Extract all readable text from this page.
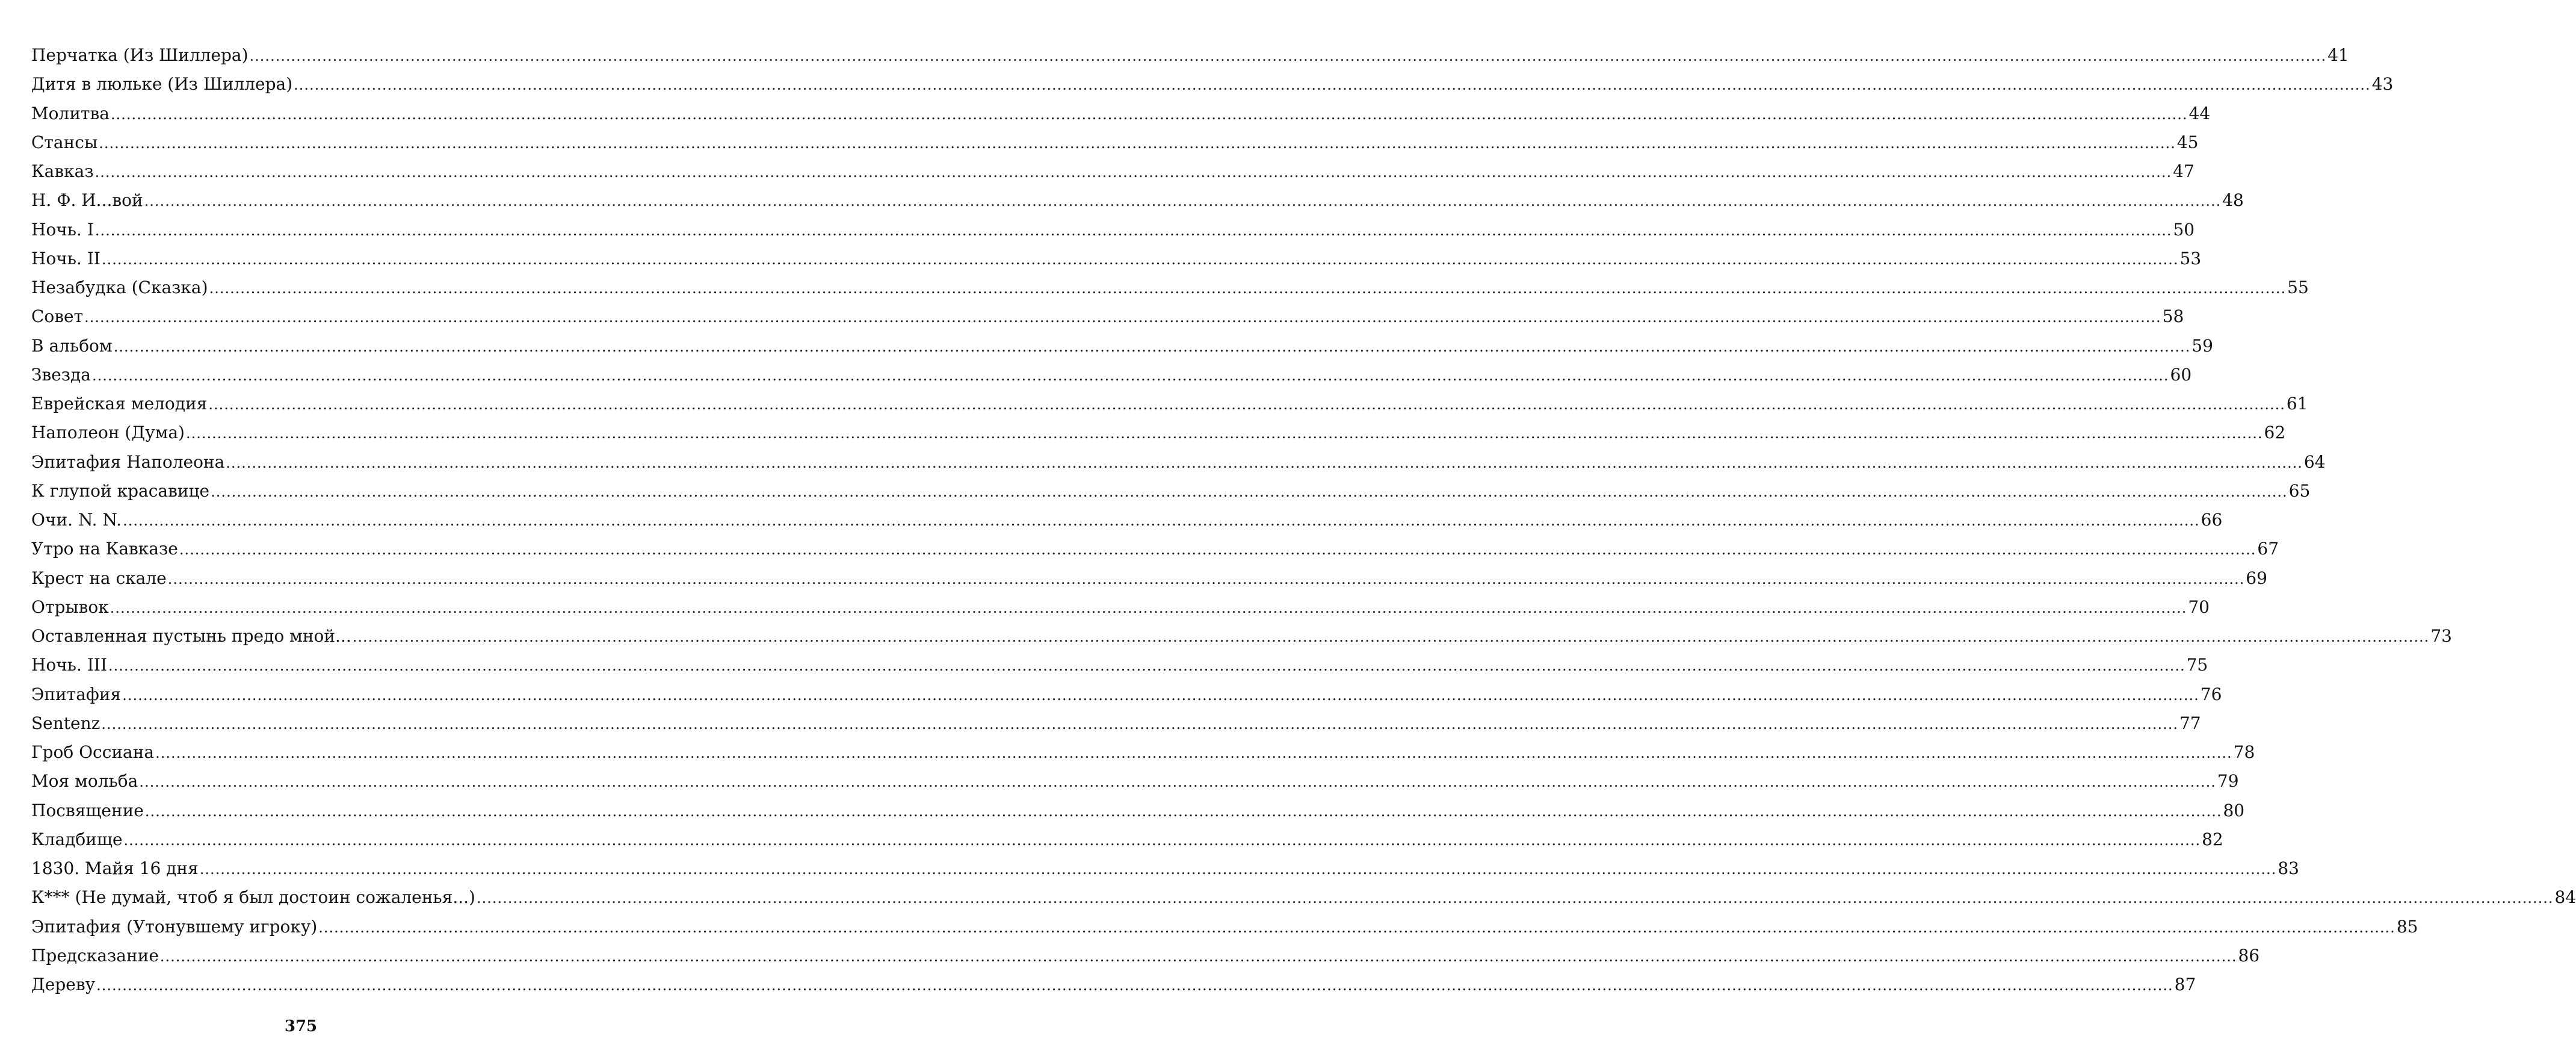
Перчатка (Из Шиллера) ................................................................................................................................................................................................................................................................................................................................................................................................................ 41
Дитя в люльке (Из Шиллера) ................................................................................................................................................................................................................................................................................................................................................................................................................ 43
Молитва ................................................................................................................................................................................................................................................................................................................................................................................................................ 44
Стансы ................................................................................................................................................................................................................................................................................................................................................................................................................ 45
Кавказ ................................................................................................................................................................................................................................................................................................................................................................................................................ 47
Н. Ф. И...вой ................................................................................................................................................................................................................................................................................................................................................................................................................ 48
Ночь. I ................................................................................................................................................................................................................................................................................................................................................................................................................ 50
Ночь. II ................................................................................................................................................................................................................................................................................................................................................................................................................ 53
Незабудка (Сказка) ................................................................................................................................................................................................................................................................................................................................................................................................................ 55
Совет ................................................................................................................................................................................................................................................................................................................................................................................................................ 58
В альбом ................................................................................................................................................................................................................................................................................................................................................................................................................ 59
Звезда ................................................................................................................................................................................................................................................................................................................................................................................................................ 60
Еврейская мелодия ................................................................................................................................................................................................................................................................................................................................................................................................................ 61
Наполеон (Дума) ................................................................................................................................................................................................................................................................................................................................................................................................................ 62
Эпитафия Наполеона ................................................................................................................................................................................................................................................................................................................................................................................................................ 64
К глупой красавице ................................................................................................................................................................................................................................................................................................................................................................................................................ 65
Очи. N. N. ................................................................................................................................................................................................................................................................................................................................................................................................................ 66
Утро на Кавказе ................................................................................................................................................................................................................................................................................................................................................................................................................ 67
Крест на скале ................................................................................................................................................................................................................................................................................................................................................................................................................ 69
Отрывок ................................................................................................................................................................................................................................................................................................................................................................................................................ 70
Оставленная пустынь предо мной... ................................................................................................................................................................................................................................................................................................................................................................................................................ 73
Ночь. III ................................................................................................................................................................................................................................................................................................................................................................................................................ 75
Эпитафия ................................................................................................................................................................................................................................................................................................................................................................................................................ 76
Sentenz ................................................................................................................................................................................................................................................................................................................................................................................................................ 77
Гроб Оссиана ................................................................................................................................................................................................................................................................................................................................................................................................................ 78
Моя мольба ................................................................................................................................................................................................................................................................................................................................................................................................................ 79
Посвящение ................................................................................................................................................................................................................................................................................................................................................................................................................ 80
Кладбище ................................................................................................................................................................................................................................................................................................................................................................................................................ 82
1830. Майя 16 дня ................................................................................................................................................................................................................................................................................................................................................................................................................ 83
К*** (Не думай, чтоб я был достоин сожаленья...) ................................................................................................................................................................................................................................................................................................................................................................................................................ 84
Эпитафия (Утонувшему игроку) ................................................................................................................................................................................................................................................................................................................................................................................................................ 85
Предсказание ................................................................................................................................................................................................................................................................................................................................................................................................................ 86
Дереву ................................................................................................................................................................................................................................................................................................................................................................................................................ 87
375
